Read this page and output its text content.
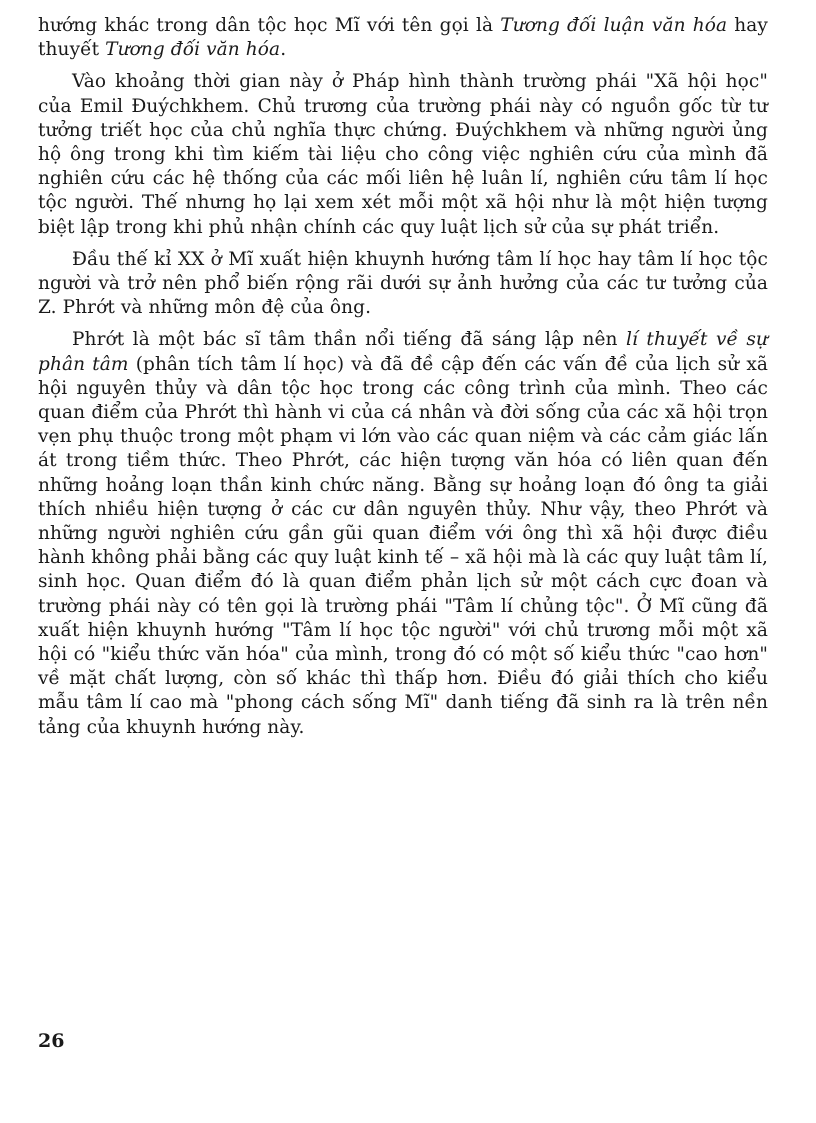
hướng khác trong dân tộc học Mĩ với tên gọi là Tương đối luận văn hóa hay thuyết Tương đối văn hóa.

Vào khoảng thời gian này ở Pháp hình thành trường phái "Xã hội học" của Emil Đuýchkhem. Chủ trương của trường phái này có nguồn gốc từ tư tưởng triết học của chủ nghĩa thực chứng. Đuýchkhem và những người ủng hộ ông trong khi tìm kiếm tài liệu cho công việc nghiên cứu của mình đã nghiên cứu các hệ thống của các mối liên hệ luân lí, nghiên cứu tâm lí học tộc người. Thế nhưng họ lại xem xét mỗi một xã hội như là một hiện tượng biệt lập trong khi phủ nhận chính các quy luật lịch sử của sự phát triển.

Đầu thế kỉ XX ở Mĩ xuất hiện khuynh hướng tâm lí học hay tâm lí học tộc người và trở nên phổ biến rộng rãi dưới sự ảnh hưởng của các tư tưởng của Z. Phrớt và những môn đệ của ông.

Phrớt là một bác sĩ tâm thần nổi tiếng đã sáng lập nên lí thuyết về sự phân tâm (phân tích tâm lí học) và đã đề cập đến các vấn đề của lịch sử xã hội nguyên thủy và dân tộc học trong các công trình của mình. Theo các quan điểm của Phrớt thì hành vi của cá nhân và đời sống của các xã hội trọn vẹn phụ thuộc trong một phạm vi lớn vào các quan niệm và các cảm giác lấn át trong tiềm thức. Theo Phrớt, các hiện tượng văn hóa có liên quan đến những hoảng loạn thần kinh chức năng. Bằng sự hoảng loạn đó ông ta giải thích nhiều hiện tượng ở các cư dân nguyên thủy. Như vậy, theo Phrớt và những người nghiên cứu gần gũi quan điểm với ông thì xã hội được điều hành không phải bằng các quy luật kinh tế – xã hội mà là các quy luật tâm lí, sinh học. Quan điểm đó là quan điểm phản lịch sử một cách cực đoan và trường phái này có tên gọi là trường phái "Tâm lí chủng tộc". Ở Mĩ cũng đã xuất hiện khuynh hướng "Tâm lí học tộc người" với chủ trương mỗi một xã hội có "kiểu thức văn hóa" của mình, trong đó có một số kiểu thức "cao hơn" về mặt chất lượng, còn số khác thì thấp hơn. Điều đó giải thích cho kiểu mẫu tâm lí cao mà "phong cách sống Mĩ" danh tiếng đã sinh ra là trên nền tảng của khuynh hướng này.

26
